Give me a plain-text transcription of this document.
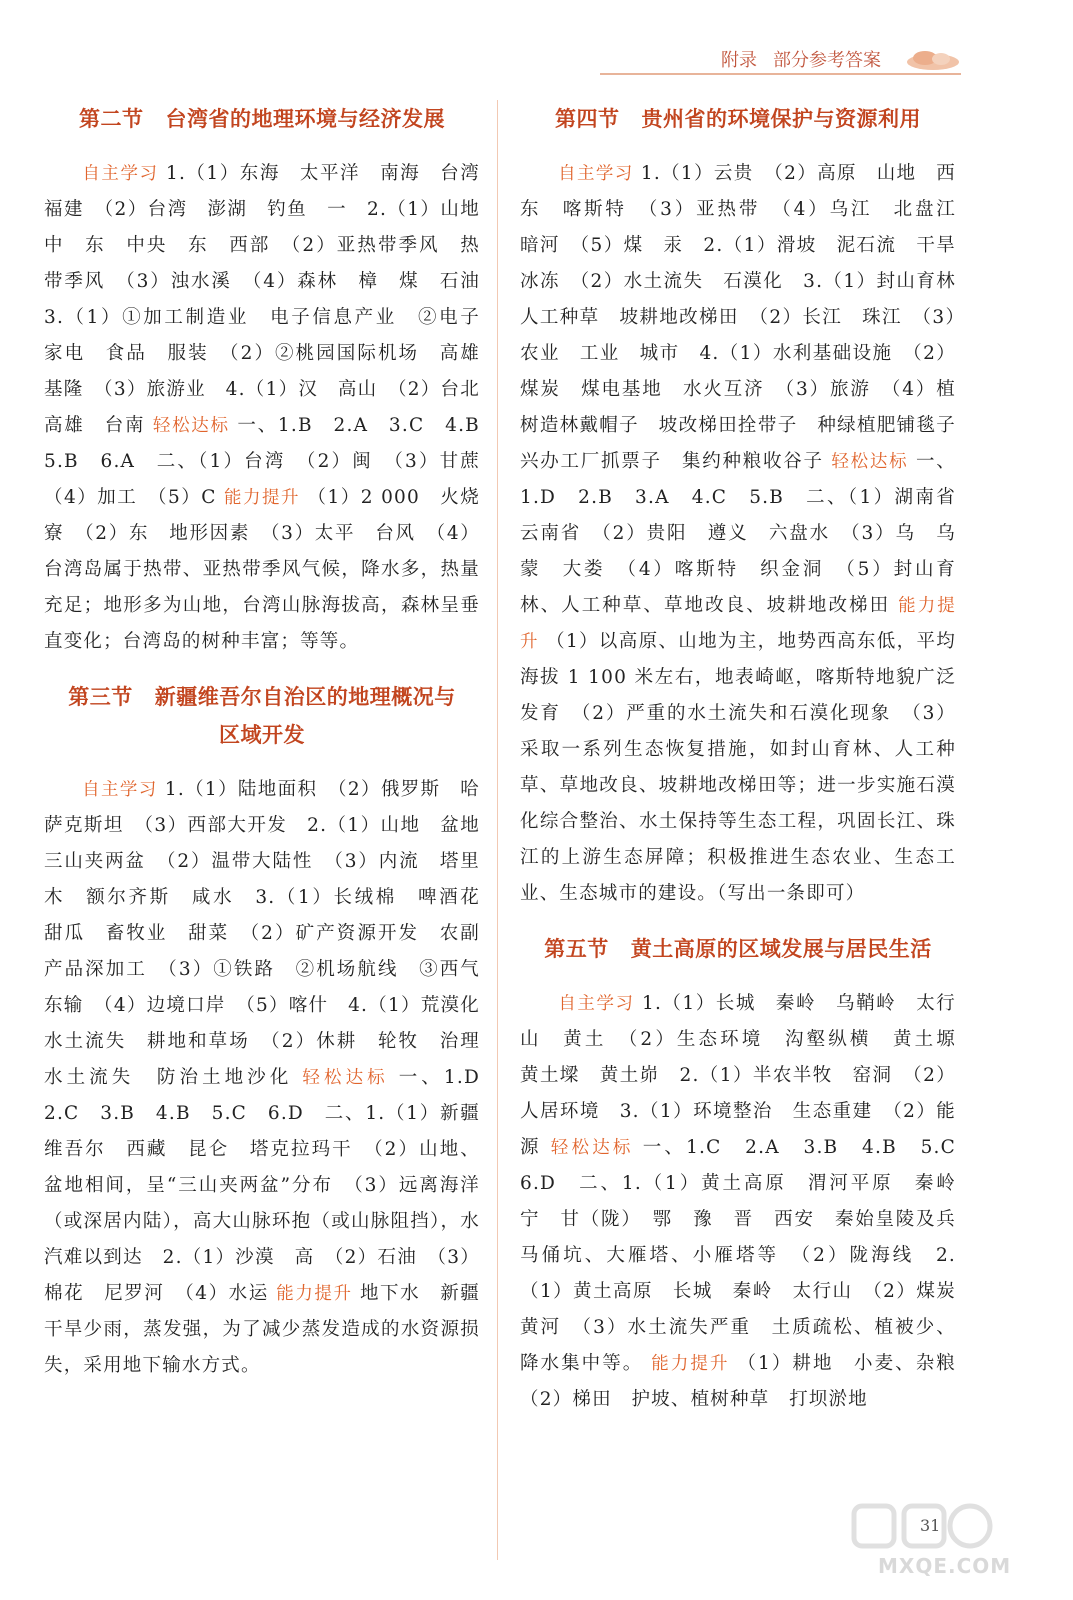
附录 部分参考答案
第二节 台湾省的地理环境与经济发展
自主学习 1.（1）东海　太平洋　南海　台湾　福建　（2）台湾　澎湖　钓鱼　一　2.（1）山地　中　东　中央　东　西部　（2）亚热带季风　热带季风　（3）浊水溪　（4）森林　樟　煤　石油　3.（1）①加工制造业　电子信息产业　②电子　家电　食品　服装　（2）②桃园国际机场　高雄　基隆　（3）旅游业　4.（1）汉　高山　（2）台北　高雄　台南 轻松达标 一、1.B　2.A　3.C　4.B　5.B　6.A　二、（1）台湾　（2）闽　（3）甘蔗　（4）加工　（5）C 能力提升 （1）2 000　火烧寮　（2）东　地形因素　（3）太平　台风　（4）台湾岛属于热带、亚热带季风气候，降水多，热量充足；地形多为山地，台湾山脉海拔高，森林呈垂直变化；台湾岛的树种丰富；等等。
第三节 新疆维吾尔自治区的地理概况与
区域开发
自主学习 1.（1）陆地面积　（2）俄罗斯　哈萨克斯坦　（3）西部大开发　2.（1）山地　盆地　三山夹两盆　（2）温带大陆性　（3）内流　塔里木　额尔齐斯　咸水　3.（1）长绒棉　啤酒花　甜瓜　畜牧业　甜菜　（2）矿产资源开发　农副产品深加工　（3）①铁路　②机场航线　③西气东输　（4）边境口岸　（5）喀什　4.（1）荒漠化　水土流失　耕地和草场　（2）休耕　轮牧　治理水土流失　防治土地沙化 轻松达标 一、1.D　2.C　3.B　4.B　5.C　6.D　二、1.（1）新疆维吾尔　西藏　昆仑　塔克拉玛干　（2）山地、盆地相间，呈“三山夹两盆”分布　（3）远离海洋（或深居内陆），高大山脉环抱（或山脉阻挡），水汽难以到达　2.（1）沙漠　高　（2）石油　（3）棉花　尼罗河　（4）水运 能力提升 地下水　新疆干旱少雨，蒸发强，为了减少蒸发造成的水资源损失，采用地下输水方式。
第四节 贵州省的环境保护与资源利用
自主学习 1.（1）云贵　（2）高原　山地　西　东　喀斯特　（3）亚热带　（4）乌江　北盘江　暗河　（5）煤　汞　2.（1）滑坡　泥石流　干旱　冰冻　（2）水土流失　石漠化　3.（1）封山育林　人工种草　坡耕地改梯田　（2）长江　珠江　（3）农业　工业　城市　4.（1）水利基础设施　（2）煤炭　煤电基地　水火互济　（3）旅游　（4）植树造林戴帽子　坡改梯田拴带子　种绿植肥铺毯子　兴办工厂抓票子　集约种粮收谷子 轻松达标 一、1.D　2.B　3.A　4.C　5.B　二、（1）湖南省　云南省　（2）贵阳　遵义　六盘水　（3）乌　乌蒙　大娄　（4）喀斯特　织金洞　（5）封山育林、人工种草、草地改良、坡耕地改梯田 能力提升 （1）以高原、山地为主，地势西高东低，平均海拔 1 100 米左右，地表崎岖，喀斯特地貌广泛发育　（2）严重的水土流失和石漠化现象　（3）采取一系列生态恢复措施，如封山育林、人工种草、草地改良、坡耕地改梯田等；进一步实施石漠化综合整治、水土保持等生态工程，巩固长江、珠江的上游生态屏障；积极推进生态农业、生态工业、生态城市的建设。（写出一条即可）
第五节 黄土高原的区域发展与居民生活
自主学习 1.（1）长城　秦岭　乌鞘岭　太行山　黄土　（2）生态环境　沟壑纵横　黄土塬　黄土墚　黄土峁　2.（1）半农半牧　窑洞　（2）人居环境　3.（1）环境整治　生态重建　（2）能源 轻松达标 一、1.C　2.A　3.B　4.B　5.C　6.D　二、1.（1）黄土高原　渭河平原　秦岭　宁　甘（陇）　鄂　豫　晋　西安　秦始皇陵及兵马俑坑、大雁塔、小雁塔等　（2）陇海线　2.（1）黄土高原　长城　秦岭　太行山　（2）煤炭　黄河　（3）水土流失严重　土质疏松、植被少、降水集中等。 能力提升 （1）耕地　小麦、杂粮　（2）梯田　护坡、植树种草　打坝淤地
31
MXQE.COM
